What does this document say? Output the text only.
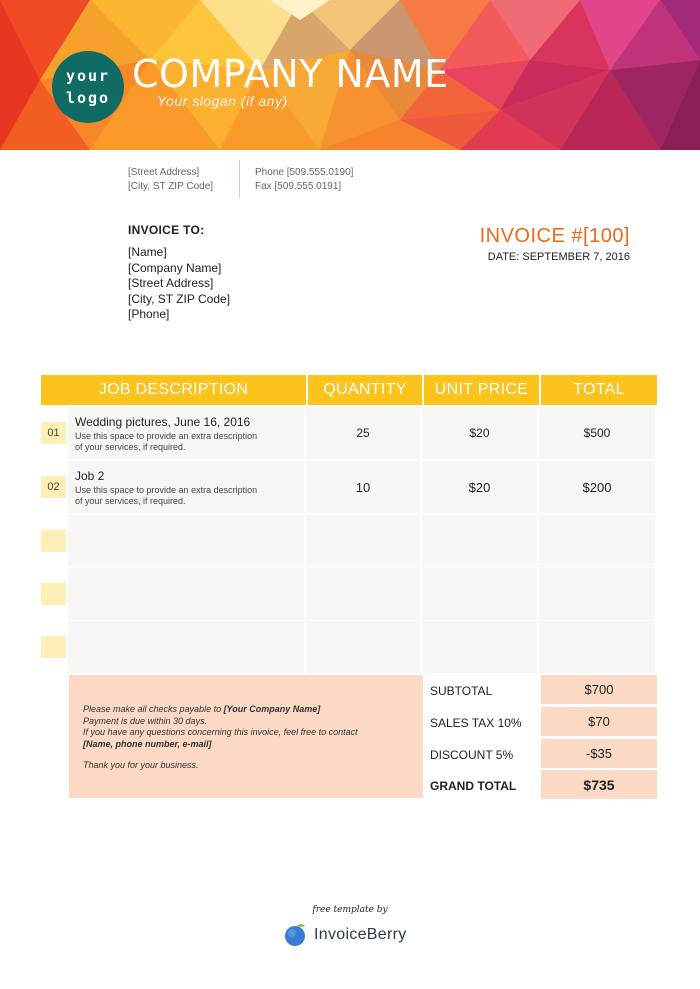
your
logo
COMPANY NAME
Your slogan (if any)
[Street Address]
[City, ST ZIP Code]
Phone [509.555.0190]
Fax [509.555.0191]
INVOICE TO:
[Name]
[Company Name]
[Street Address]
[City, ST ZIP Code]
[Phone]
INVOICE #[100]
DATE: SEPTEMBER 7, 2016
JOB DESCRIPTION	QUANTITY	UNIT PRICE	TOTAL
01
Wedding pictures, June 16, 2016
Use this space to provide an extra description
of your services, if required.
25	$20	$500
02
Job 2
Use this space to provide an extra description
of your services, if required.
10	$20	$200
Please make all checks payable to [Your Company Name]
Payment is due within 30 days.
If you have any questions concerning this invoice, feel free to contact
[Name, phone number, e-mail]
Thank you for your business.
SUBTOTAL	$700
SALES TAX 10%	$70
DISCOUNT 5%	-$35
GRAND TOTAL	$735
free template by
InvoiceBerry
